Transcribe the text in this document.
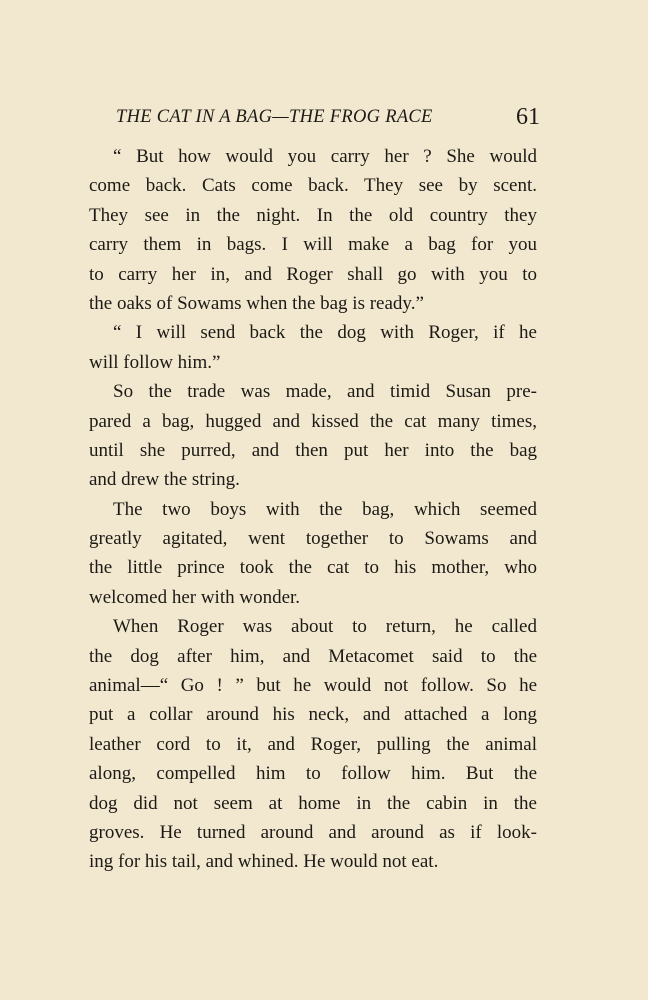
THE CAT IN A BAG—THE FROG RACE	61
“ But how would you carry her ? She would
come back. Cats come back. They see by scent.
They see in the night. In the old country they
carry them in bags. I will make a bag for you
to carry her in, and Roger shall go with you to
the oaks of Sowams when the bag is ready.”
“ I will send back the dog with Roger, if he
will follow him.”
So the trade was made, and timid Susan pre-
pared a bag, hugged and kissed the cat many times,
until she purred, and then put her into the bag
and drew the string.
The two boys with the bag, which seemed
greatly agitated, went together to Sowams and
the little prince took the cat to his mother, who
welcomed her with wonder.
When Roger was about to return, he called
the dog after him, and Metacomet said to the
animal—“ Go ! ” but he would not follow. So he
put a collar around his neck, and attached a long
leather cord to it, and Roger, pulling the animal
along, compelled him to follow him. But the
dog did not seem at home in the cabin in the
groves. He turned around and around as if look-
ing for his tail, and whined. He would not eat.
